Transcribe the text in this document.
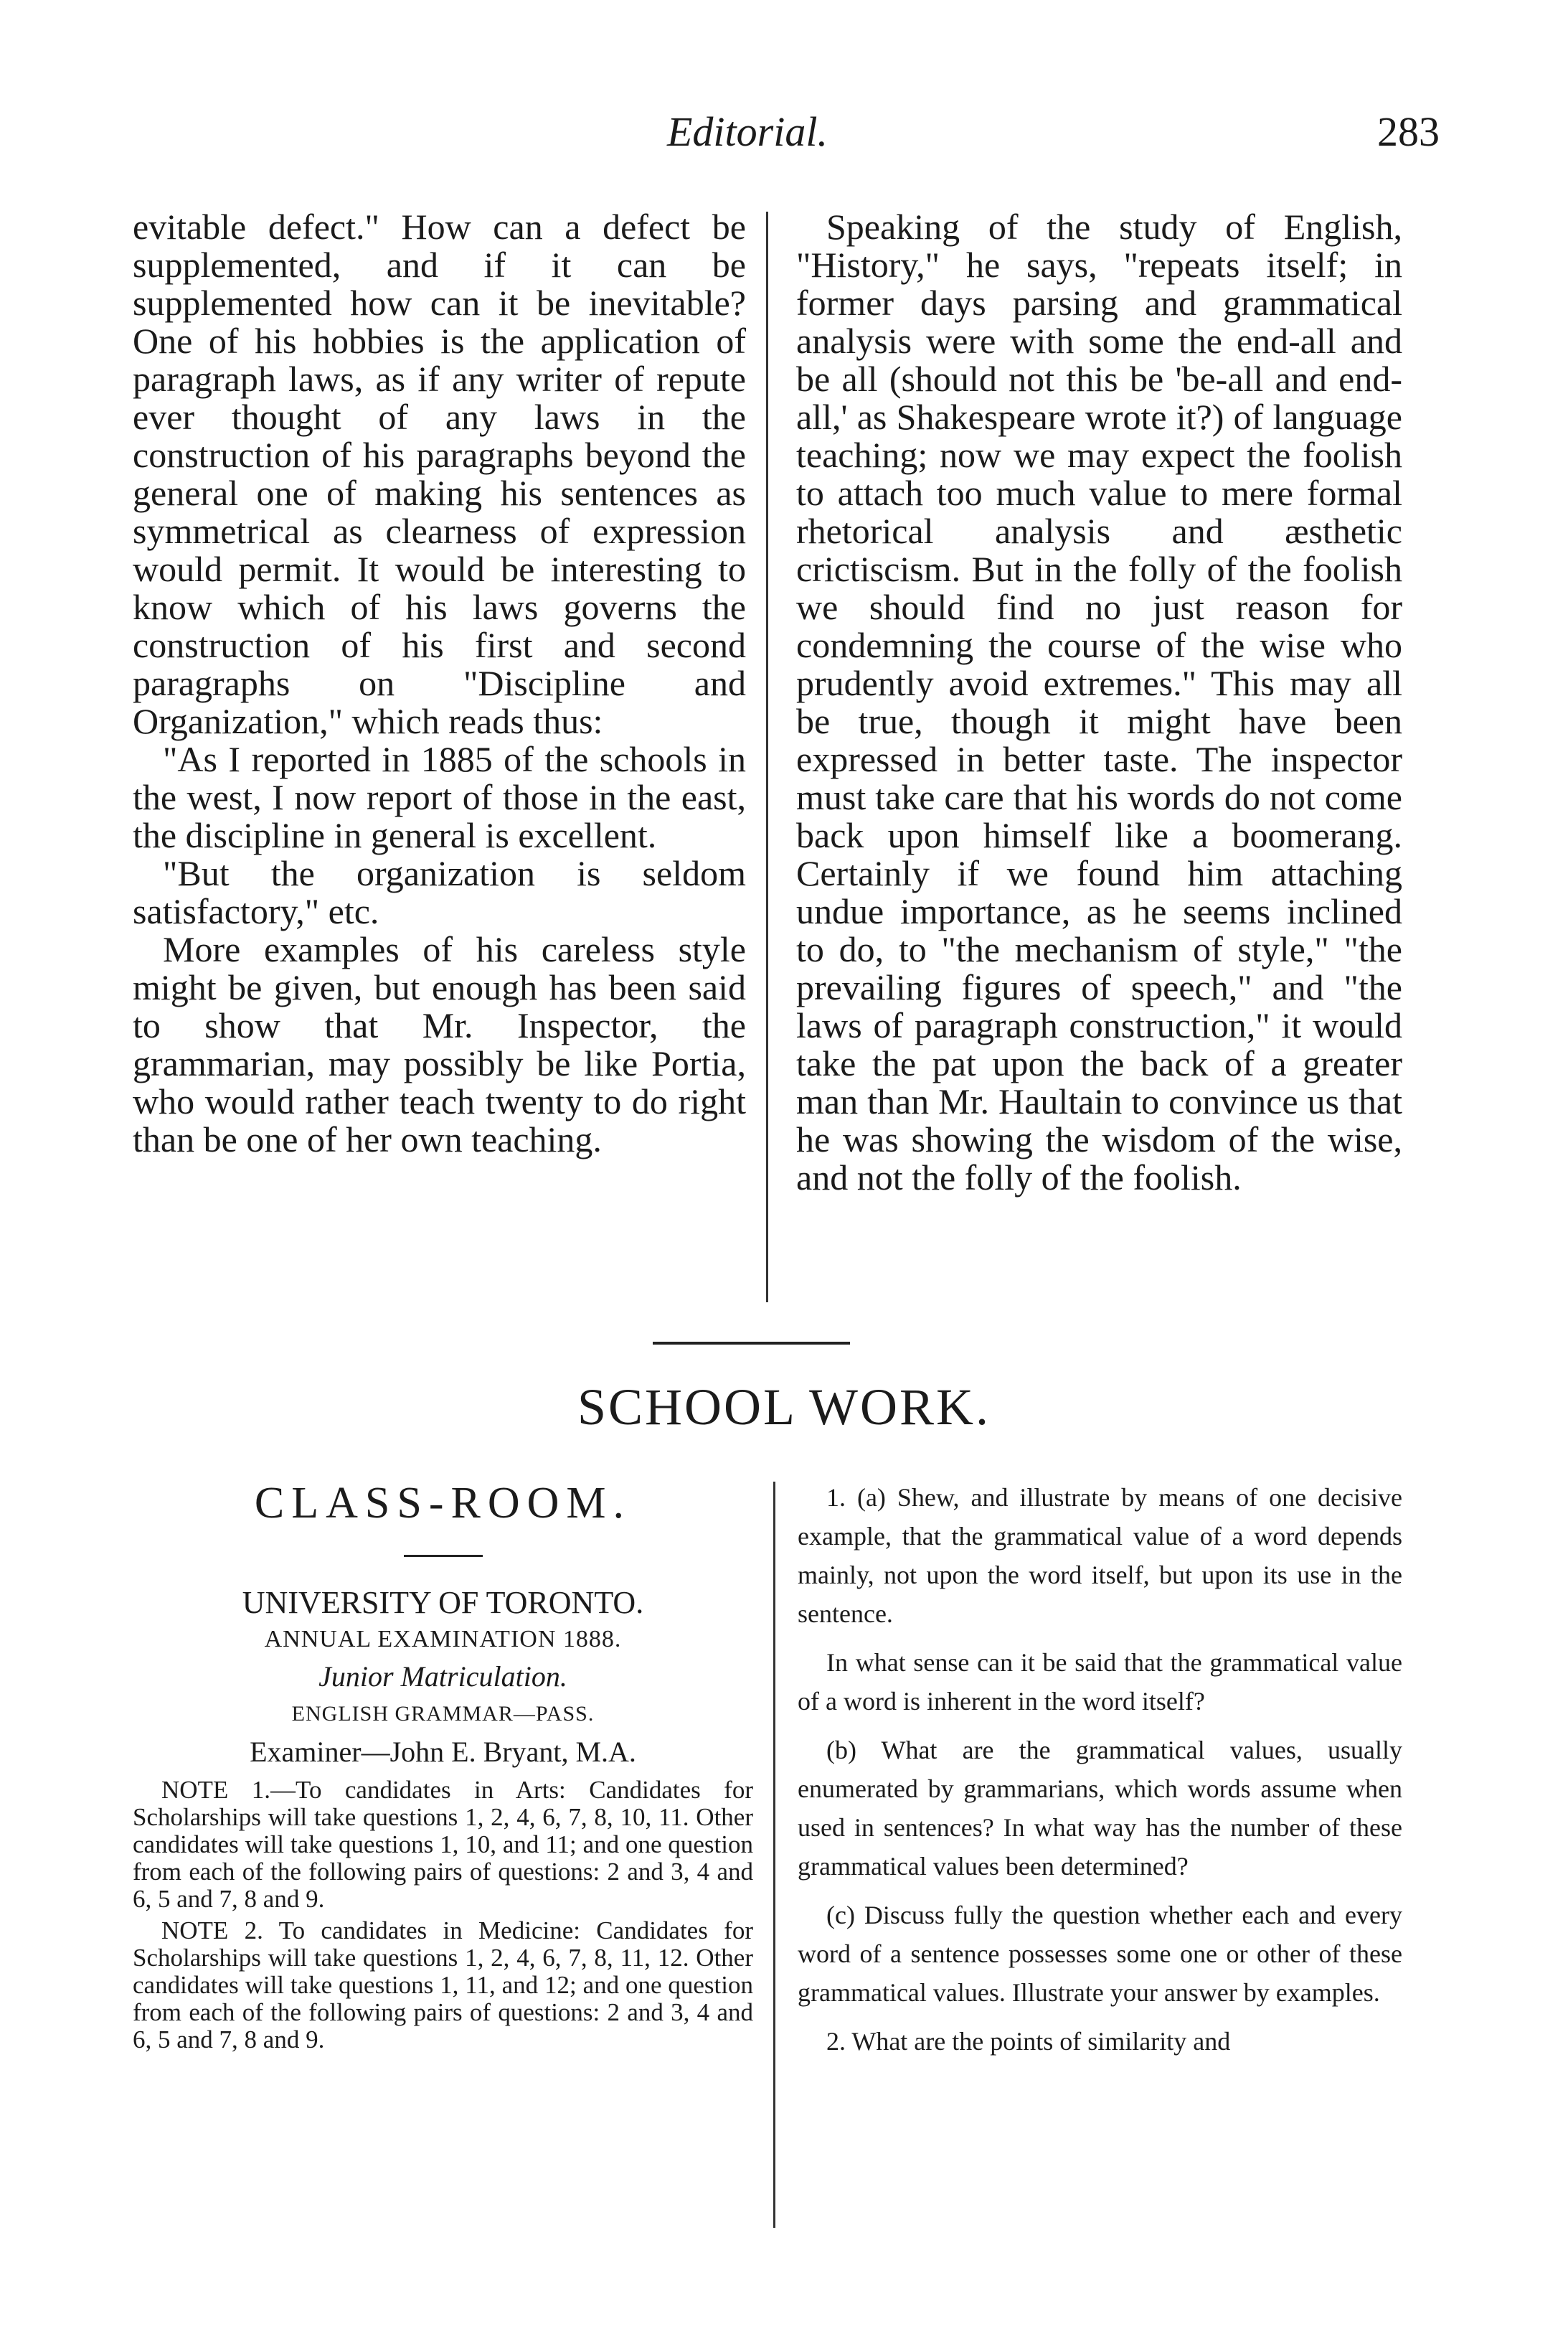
Editorial.	283

evitable defect." How can a defect be supplemented, and if it can be supplemented how can it be inevitable? One of his hobbies is the application of paragraph laws, as if any writer of repute ever thought of any laws in the construction of his paragraphs beyond the general one of making his sentences as symmetrical as clearness of expression would permit. It would be interesting to know which of his laws governs the construction of his first and second paragraphs on "Discipline and Organization," which reads thus:

"As I reported in 1885 of the schools in the west, I now report of those in the east, the discipline in general is excellent.

"But the organization is seldom satisfactory," etc.

More examples of his careless style might be given, but enough has been said to show that Mr. Inspector, the grammarian, may possibly be like Portia, who would rather teach twenty to do right than be one of her own teaching.

Speaking of the study of English, "History," he says, "repeats itself; in former days parsing and grammatical analysis were with some the end-all and be all (should not this be 'be-all and end-all,' as Shakespeare wrote it?) of language teaching; now we may expect the foolish to attach too much value to mere formal rhetorical analysis and æsthetic crictiscism. But in the folly of the foolish we should find no just reason for condemning the course of the wise who prudently avoid extremes." This may all be true, though it might have been expressed in better taste. The inspector must take care that his words do not come back upon himself like a boomerang. Certainly if we found him attaching undue importance, as he seems inclined to do, to "the mechanism of style," "the prevailing figures of speech," and "the laws of paragraph construction," it would take the pat upon the back of a greater man than Mr. Haultain to convince us that he was showing the wisdom of the wise, and not the folly of the foolish.

SCHOOL WORK.
CLASS-ROOM.
UNIVERSITY OF TORONTO.
ANNUAL EXAMINATION 1888.
Junior Matriculation.
ENGLISH GRAMMAR—PASS.
Examiner—John E. Bryant, M.A.

NOTE 1.—To candidates in Arts: Candidates for Scholarships will take questions 1, 2, 4, 6, 7, 8, 10, 11. Other candidates will take questions 1, 10, and 11; and one question from each of the following pairs of questions: 2 and 3, 4 and 6, 5 and 7, 8 and 9.

NOTE 2. To candidates in Medicine: Candidates for Scholarships will take questions 1, 2, 4, 6, 7, 8, 11, 12. Other candidates will take questions 1, 11, and 12; and one question from each of the following pairs of questions: 2 and 3, 4 and 6, 5 and 7, 8 and 9.

1. (a) Shew, and illustrate by means of one decisive example, that the grammatical value of a word depends mainly, not upon the word itself, but upon its use in the sentence.

In what sense can it be said that the grammatical value of a word is inherent in the word itself?

(b) What are the grammatical values, usually enumerated by grammarians, which words assume when used in sentences? In what way has the number of these grammatical values been determined?

(c) Discuss fully the question whether each and every word of a sentence possesses some one or other of these grammatical values. Illustrate your answer by examples.

2. What are the points of similarity and
